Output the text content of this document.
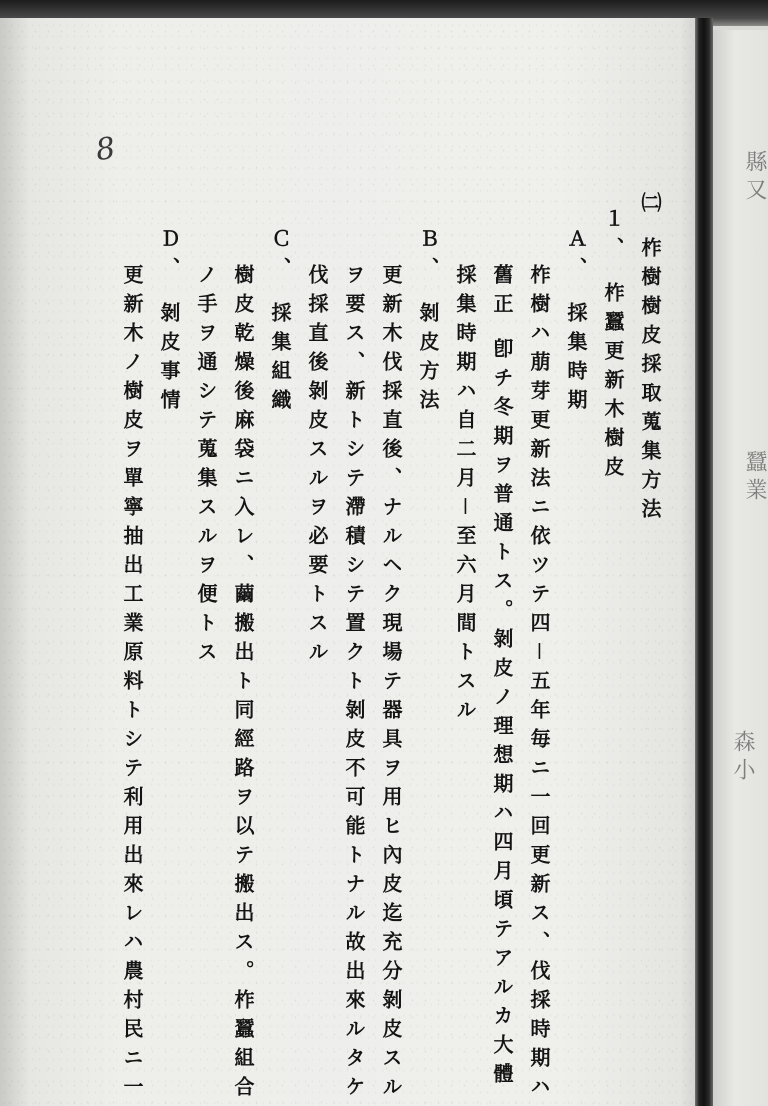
森小
縣又
蠶業
8
㈡ 柞樹樹皮採取蒐集方法
１、 柞蠶更新木樹皮
Ａ、 採集時期
柞樹ハ萠芽更新法ニ依ツテ四－五年毎ニ一回更新ス、伐採時期ハ
舊正 卽チ冬期ヲ普通トス。剝皮ノ理想期ハ四月頃テアルカ大體
採集時期ハ自二月－至六月間トスル
Ｂ、 剝皮方法
更新木伐採直後、ナルヘク現場テ器具ヲ用ヒ內皮迄充分剝皮スル
ヲ要ス、新トシテ滯積シテ置クト剝皮不可能トナル故出來ルタケ
伐採直後剝皮スルヲ必要トスル
Ｃ、 採集組織
樹皮乾燥後麻袋ニ入レ、繭搬出ト同經路ヲ以テ搬出ス。柞蠶組合
ノ手ヲ通シテ蒐集スルヲ便トス
Ｄ、 剝皮事情
更新木ノ樹皮ヲ單寧抽出工業原料トシテ利用出來レハ農村民ニ一
